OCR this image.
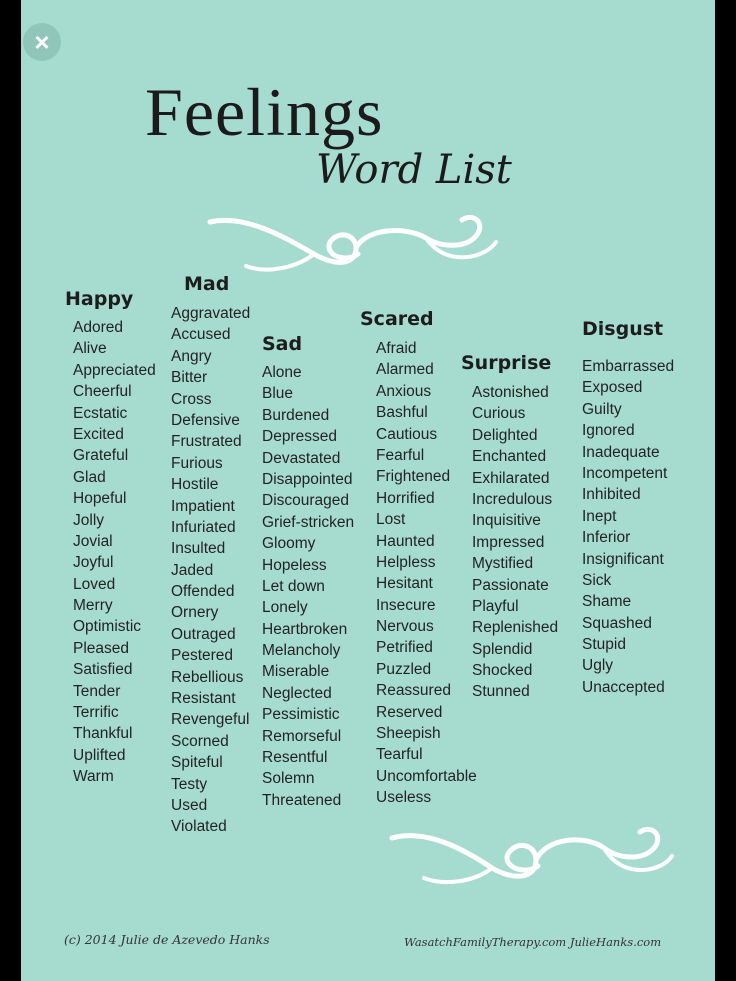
×
Feelings
Word List
Happy
Adored
Alive
Appreciated
Cheerful
Ecstatic
Excited
Grateful
Glad
Hopeful
Jolly
Jovial
Joyful
Loved
Merry
Optimistic
Pleased
Satisfied
Tender
Terrific
Thankful
Uplifted
Warm
Mad
Aggravated
Accused
Angry
Bitter
Cross
Defensive
Frustrated
Furious
Hostile
Impatient
Infuriated
Insulted
Jaded
Offended
Ornery
Outraged
Pestered
Rebellious
Resistant
Revengeful
Scorned
Spiteful
Testy
Used
Violated
Sad
Alone
Blue
Burdened
Depressed
Devastated
Disappointed
Discouraged
Grief-stricken
Gloomy
Hopeless
Let down
Lonely
Heartbroken
Melancholy
Miserable
Neglected
Pessimistic
Remorseful
Resentful
Solemn
Threatened
Scared
Afraid
Alarmed
Anxious
Bashful
Cautious
Fearful
Frightened
Horrified
Lost
Haunted
Helpless
Hesitant
Insecure
Nervous
Petrified
Puzzled
Reassured
Reserved
Sheepish
Tearful
Uncomfortable
Useless
Surprise
Astonished
Curious
Delighted
Enchanted
Exhilarated
Incredulous
Inquisitive
Impressed
Mystified
Passionate
Playful
Replenished
Splendid
Shocked
Stunned
Disgust
Embarrassed
Exposed
Guilty
Ignored
Inadequate
Incompetent
Inhibited
Inept
Inferior
Insignificant
Sick
Shame
Squashed
Stupid
Ugly
Unaccepted
(c) 2014 Julie de Azevedo Hanks	WasatchFamilyTherapy.com JulieHanks.com
